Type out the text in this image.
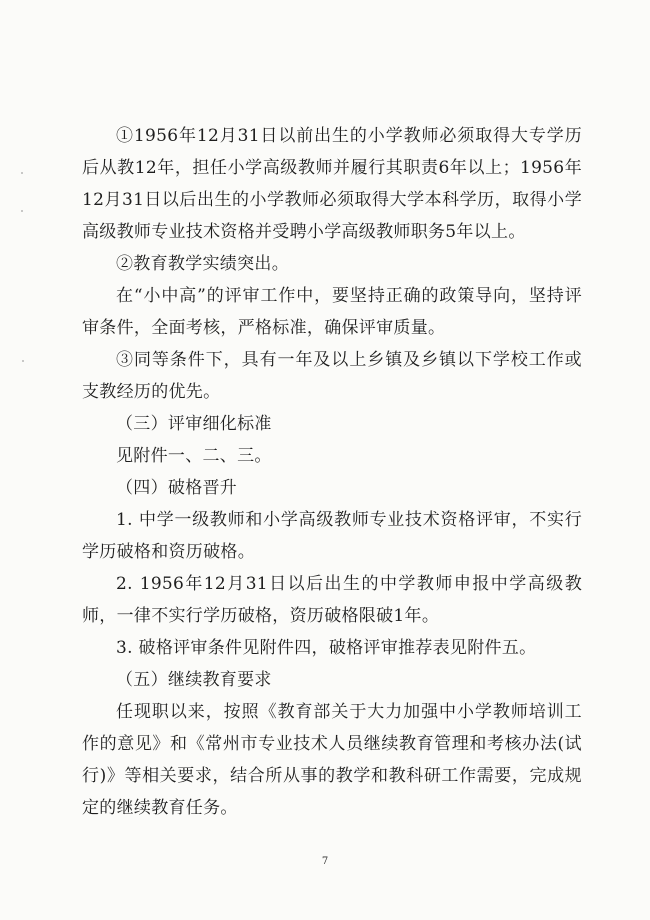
①1956年12月31日以前出生的小学教师必须取得大专学历后从教12年，担任小学高级教师并履行其职责6年以上；1956年12月31日以后出生的小学教师必须取得大学本科学历，取得小学高级教师专业技术资格并受聘小学高级教师职务5年以上。

②教育教学实绩突出。

在“小中高”的评审工作中，要坚持正确的政策导向，坚持评审条件，全面考核，严格标准，确保评审质量。

③同等条件下，具有一年及以上乡镇及乡镇以下学校工作或支教经历的优先。

（三）评审细化标准

见附件一、二、三。

（四）破格晋升

1. 中学一级教师和小学高级教师专业技术资格评审，不实行学历破格和资历破格。

2. 1956年12月31日以后出生的中学教师申报中学高级教师，一律不实行学历破格，资历破格限破1年。

3. 破格评审条件见附件四，破格评审推荐表见附件五。

（五）继续教育要求

任现职以来，按照《教育部关于大力加强中小学教师培训工作的意见》和《常州市专业技术人员继续教育管理和考核办法(试行)》等相关要求，结合所从事的教学和教科研工作需要，完成规定的继续教育任务。

7
